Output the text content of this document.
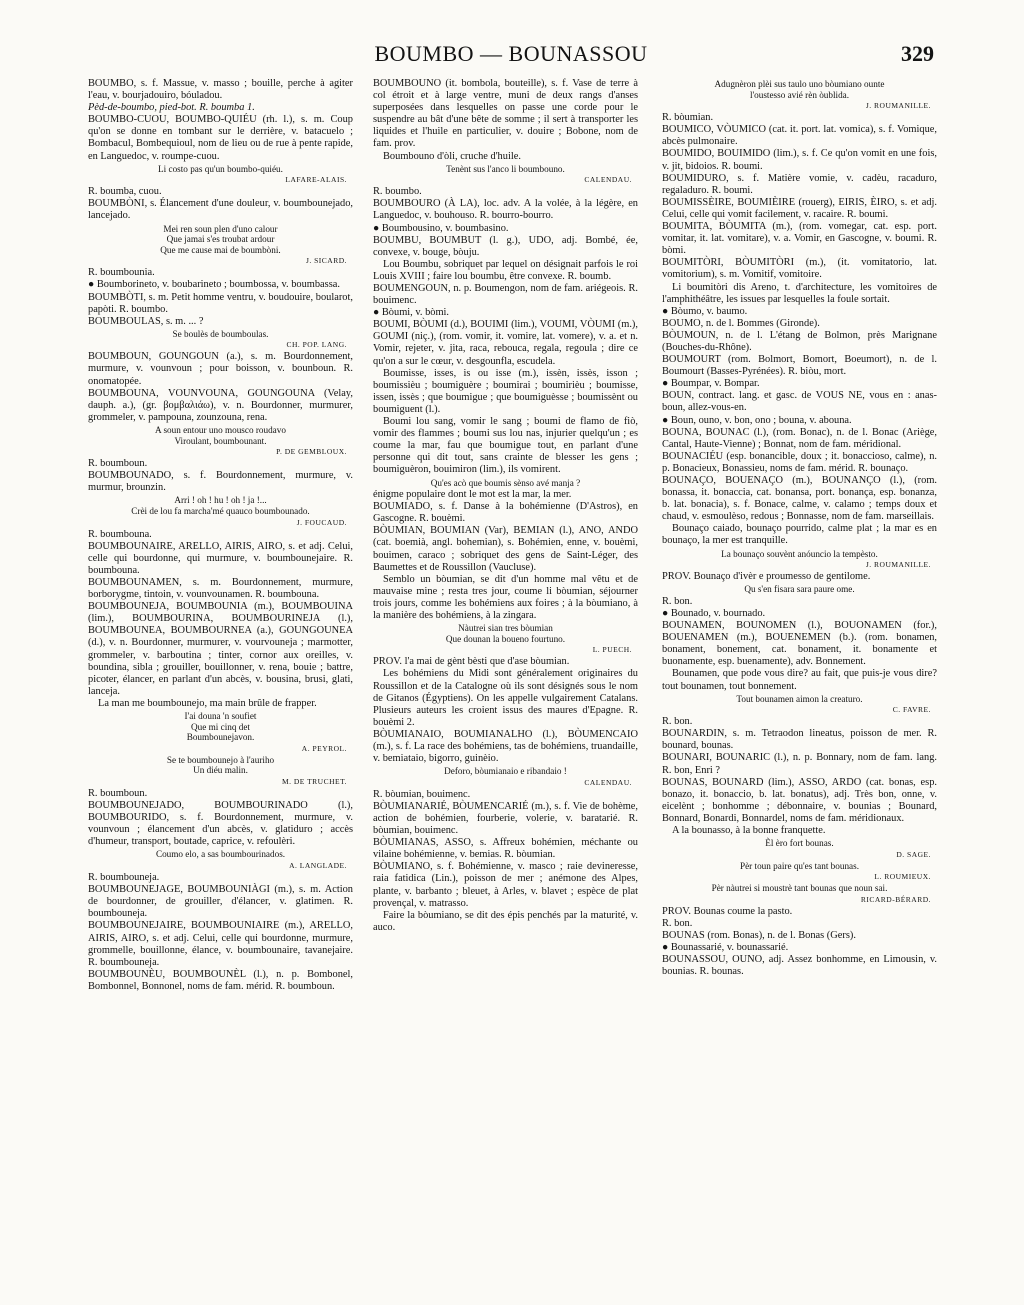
BOUMBO — BOUNASSOU	329

BOUMBO, s. f. Massue, v. masso ; bouille, perche à agiter l'eau, v. bourjadouiro, bóuladou.

Pèd-de-boumbo, pied-bot. R. boumba 1.

BOUMBO-CUOU, BOUMBO-QUIÉU (rh. l.), s. m. Coup qu'on se donne en tombant sur le derrière, v. batacuelo ; Bombacul, Bombequioul, nom de lieu ou de rue à pente rapide, en Languedoc, v. roumpe-cuou.

Li costo pas qu'un boumbo-quiéu.
LAFARE-ALAIS.

R. boumba, cuou.

BOUMBÒNI, s. Élancement d'une douleur, v. boumbounejado, lancejado.

Mei ren soun plen d'uno calour
Que jamai s'es troubat ardour
Que me cause mai de boumbòni.
J. SICARD.

R. boumbounia.

● Boumborineto, v. boubarineto ; boumbossa, v. boumbassa.

BOUMBÒTI, s. m. Petit homme ventru, v. boudouire, boularot, papòti. R. boumbo.

BOUMBOULAS, s. m. ... ?

Se boulès de boumboulas.
CH. POP. LANG.

BOUMBOUN, GOUNGOUN (a.), s. m. Bourdonnement, murmure, v. vounvoun ; pour boisson, v. bounboun. R. onomatopée.

BOUMBOUNA, VOUNVOUNA, GOUNGOUNA (Velay, dauph. a.), (gr. βομβαλιάω), v. n. Bourdonner, murmurer, grommeler, v. pampouna, zounzouna, rena.

A soun entour uno mousco roudavo
Viroulant, boumbounant.
P. DE GEMBLOUX.

R. boumboun.

BOUMBOUNADO, s. f. Bourdonnement, murmure, v. murmur, brounzin.

Arri ! oh ! hu ! oh ! ja !...
Crèi de lou fa marcha'mé quauco boumbounado.
J. FOUCAUD.

R. boumbouna.

BOUMBOUNAIRE, ARELLO, AIRIS, AIRO, s. et adj. Celui, celle qui bourdonne, qui murmure, v. boumbounejaire. R. boumbouna.

BOUMBOUNAMEN, s. m. Bourdonnement, murmure, borborygme, tintoin, v. vounvounamen. R. boumbouna.

BOUMBOUNEJA, BOUMBOUNIA (m.), BOUMBOUINA (lim.), BOUMBOURINA, BOUMBOURINEJA (l.), BOUMBOUNEA, BOUMBOURNEA (a.), GOUNGOUNEA (d.), v. n. Bourdonner, murmurer, v. vourvouneja ; marmotter, grommeler, v. barboutina ; tinter, cornor aux oreilles, v. boundina, sibla ; grouiller, bouillonner, v. rena, bouie ; battre, picoter, élancer, en parlant d'un abcès, v. bousina, brusi, glati, lanceja.

La man me boumbounejo, ma main brûle de frapper.

I'ai douna 'n soufiet
Que mi cinq det
Boumbounejavon.
A. PEYROL.
Se te boumbounejo à l'auriho
Un diéu malin.
M. DE TRUCHET.

R. boumboun.

BOUMBOUNEJADO, BOUMBOURINADO (l.), BOUMBOURIDO, s. f. Bourdonnement, murmure, v. vounvoun ; élancement d'un abcès, v. glatiduro ; accès d'humeur, transport, boutade, caprice, v. refoulèri.

Coumo elo, a sas boumbourinados.
A. LANGLADE.

R. boumbouneja.

BOUMBOUNEJAGE, BOUMBOUNIÀGI (m.), s. m. Action de bourdonner, de grouiller, d'élancer, v. glatimen. R. boumbouneja.

BOUMBOUNEJAIRE, BOUMBOUNIAIRE (m.), ARELLO, AIRIS, AIRO, s. et adj. Celui, celle qui bourdonne, murmure, grommelle, bouillonne, élance, v. boumbounaire, tavanejaire. R. boumbouneja.

BOUMBOUNÈU, BOUMBOUNÈL (l.), n. p. Bombonel, Bombonnel, Bonnonel, noms de fam. mérid. R. boumboun.

BOUMBOUNO (it. bombola, bouteille), s. f. Vase de terre à col étroit et à large ventre, muni de deux rangs d'anses superposées dans lesquelles on passe une corde pour le suspendre au bât d'une bête de somme ; il sert à transporter les liquides et l'huile en particulier, v. douire ; Bobone, nom de fam. prov.

Boumbouno d'òli, cruche d'huile.

Tenènt sus l'anco li boumbouno.
CALENDAU.

R. boumbo.

BOUMBOURO (À LA), loc. adv. A la volée, à la légère, en Languedoc, v. bouhouso. R. bourro-bourro.

● Boumbousino, v. boumbasino.

BOUMBU, BOUMBUT (l. g.), UDO, adj. Bombé, ée, convexe, v. bouge, bòuju.

Lou Boumbu, sobriquet par lequel on désignait parfois le roi Louis XVIII ; faire lou boumbu, être convexe. R. boumb.

BOUMENGOUN, n. p. Boumengon, nom de fam. ariégeois. R. bouimenc.

● Bòumi, v. bòmi.

BOUMI, BÒUMI (d.), BOUIMI (lim.), VOUMI, VÒUMI (m.), GOUMI (niç.), (rom. vomir, it. vomire, lat. vomere), v. a. et n. Vomir, rejeter, v. jita, raca, rebouca, regala, regoula ; dire ce qu'on a sur le cœur, v. desgounfla, escudela.

Boumisse, isses, is ou isse (m.), issèn, issès, isson ; boumissièu ; boumiguère ; boumirai ; boumirièu ; boumisse, issen, issès ; que boumigue ; que boumiguèsse ; boumissènt ou boumiguent (l.).

Boumi lou sang, vomir le sang ; boumi de flamo de fiò, vomir des flammes ; boumi sus lou nas, injurier quelqu'un ; es coume la mar, fau que boumigue tout, en parlant d'une personne qui dit tout, sans crainte de blesser les gens ; boumiguèron, bouimiron (lim.), ils vomirent.

Qu'es acò que boumis sènso avé manja ?

énigme populaire dont le mot est la mar, la mer.

BOUMIADO, s. f. Danse à la bohémienne (D'Astros), en Gascogne. R. bouèmi.

BÒUMIAN, BOUMIAN (Var), BEMIAN (l.), ANO, ANDO (cat. boemià, angl. bohemian), s. Bohémien, enne, v. bouèmi, bouimen, caraco ; sobriquet des gens de Saint-Léger, des Baumettes et de Roussillon (Vaucluse).

Semblo un bòumian, se dit d'un homme mal vêtu et de mauvaise mine ; resta tres jour, coume li bòumian, séjourner trois jours, comme les bohémiens aux foires ; à la bòumiano, à la manière des bohémiens, à la zingara.

Nàutrei sian tres bòumian
Que dounan la boueno fourtuno.
L. PUECH.

PROV. l'a mai de gènt bèsti que d'ase bòumian.

Les bohémiens du Midi sont généralement originaires du Roussillon et de la Catalogne où ils sont désignés sous le nom de Gitanos (Égyptiens). On les appelle vulgairement Catalans. Plusieurs auteurs les croient issus des maures d'Epagne. R. bouèmi 2.

BÒUMIANAIO, BOUMIANALHO (l.), BÒUMENCAIO (m.), s. f. La race des bohémiens, tas de bohémiens, truandaille, v. bemiataio, bigorro, guinèio.

Deforo, bòumianaio e ribandaio !
CALENDAU.

R. bòumian, bouimenc.

BÒUMIANARIÉ, BÒUMENCARIÉ (m.), s. f. Vie de bohème, action de bohémien, fourberie, volerie, v. baratarié. R. bòumian, bouimenc.

BÒUMIANAS, ASSO, s. Affreux bohémien, méchante ou vilaine bohémienne, v. bemias. R. bòumian.

BÒUMIANO, s. f. Bohémienne, v. masco ; raie devineresse, raia fatidica (Lin.), poisson de mer ; anémone des Alpes, plante, v. barbanto ; bleuet, à Arles, v. blavet ; espèce de plat provençal, v. matrasso.

Faire la bòumiano, se dit des épis penchés par la maturité, v. auco.

Adugnèron plèi sus taulo uno bòumiano ounte
l'oustesso avié rèn òublida.
J. ROUMANILLE.

R. bòumian.

BOUMICO, VÒUMICO (cat. it. port. lat. vomica), s. f. Vomique, abcès pulmonaire.

BOUMIDO, BOUIMIDO (lim.), s. f. Ce qu'on vomit en une fois, v. jit, bidoios. R. boumi.

BOUMIDURO, s. f. Matière vomie, v. cadèu, racaduro, regaladuro. R. boumi.

BOUMISSÈIRE, BOUMIÈIRE (rouerg), EIRIS, ÈIRO, s. et adj. Celui, celle qui vomit facilement, v. racaire. R. boumi.

BOUMITA, BÒUMITA (m.), (rom. vomegar, cat. esp. port. vomitar, it. lat. vomitare), v. a. Vomir, en Gascogne, v. boumi. R. bòmi.

BOUMITÒRI, BÒUMITÒRI (m.), (it. vomitatorio, lat. vomitorium), s. m. Vomitif, vomitoire.

Li boumitòri dis Areno, t. d'architecture, les vomitoires de l'amphithéâtre, les issues par lesquelles la foule sortait.

● Bòumo, v. baumo.

BOUMO, n. de l. Bommes (Gironde).

BÒUMOUN, n. de l. L'étang de Bolmon, près Marignane (Bouches-du-Rhône).

BOUMOURT (rom. Bolmort, Bomort, Boeumort), n. de l. Boumourt (Basses-Pyrénées). R. biòu, mort.

● Boumpar, v. Bompar.

BOUN, contract. lang. et gasc. de VOUS NE, vous en : anas-boun, allez-vous-en.

● Boun, ouno, v. bon, ono ; bouna, v. abouna.

BOUNA, BOUNAC (l.), (rom. Bonac), n. de l. Bonac (Ariège, Cantal, Haute-Vienne) ; Bonnat, nom de fam. méridional.

BOUNACIÉU (esp. bonancible, doux ; it. bonaccioso, calme), n. p. Bonacieux, Bonassieu, noms de fam. mérid. R. bounaço.

BOUNAÇO, BOUENAÇO (m.), BOUNANÇO (l.), (rom. bonassa, it. bonaccia, cat. bonansa, port. bonança, esp. bonanza, b. lat. bonacia), s. f. Bonace, calme, v. calamo ; temps doux et chaud, v. esmoulèso, redous ; Bonnasse, nom de fam. marseillais.

Bounaço caiado, bounaço pourrido, calme plat ; la mar es en bounaço, la mer est tranquille.

La bounaço souvènt anóuncio la tempèsto.
J. ROUMANILLE.

PROV. Bounaço d'ivèr e proumesso de gentilome.

Qu s'en fisara sara paure ome.

R. bon.

● Bounado, v. bournado.

BOUNAMEN, BOUNOMEN (l.), BOUONAMEN (for.), BOUENAMEN (m.), BOUENEMEN (b.). (rom. bonamen, bonament, bonement, cat. bonament, it. bonamente et buonamente, esp. buenamente), adv. Bonnement.

Bounamen, que pode vous dire? au fait, que puis-je vous dire? tout bounamen, tout bonnement.

Tout bounamen aimon la creaturo.
C. FAVRE.

R. bon.

BOUNARDIN, s. m. Tetraodon lineatus, poisson de mer. R. bounard, bounas.

BOUNARI, BOUNARIC (l.), n. p. Bonnary, nom de fam. lang. R. bon, Enri ?

BOUNAS, BOUNARD (lim.), ASSO, ARDO (cat. bonas, esp. bonazo, it. bonaccio, b. lat. bonatus), adj. Très bon, onne, v. eicelènt ; bonhomme ; débonnaire, v. bounias ; Bounard, Bonnard, Bonardi, Bonnardel, noms de fam. méridionaux.

A la bounasso, à la bonne franquette.

Èl èro fort bounas.
D. SAGE.
Pèr toun paire qu'es tant bounas.
L. ROUMIEUX.
Pèr nàutrei si moustrè tant bounas que noun sai.
RICARD-BÉRARD.

PROV. Bounas coume la pasto.

R. bon.

BOUNAS (rom. Bonas), n. de l. Bonas (Gers).

● Bounassarié, v. bounassarié.

BOUNASSOU, OUNO, adj. Assez bonhomme, en Limousin, v. bounias. R. bounas.
